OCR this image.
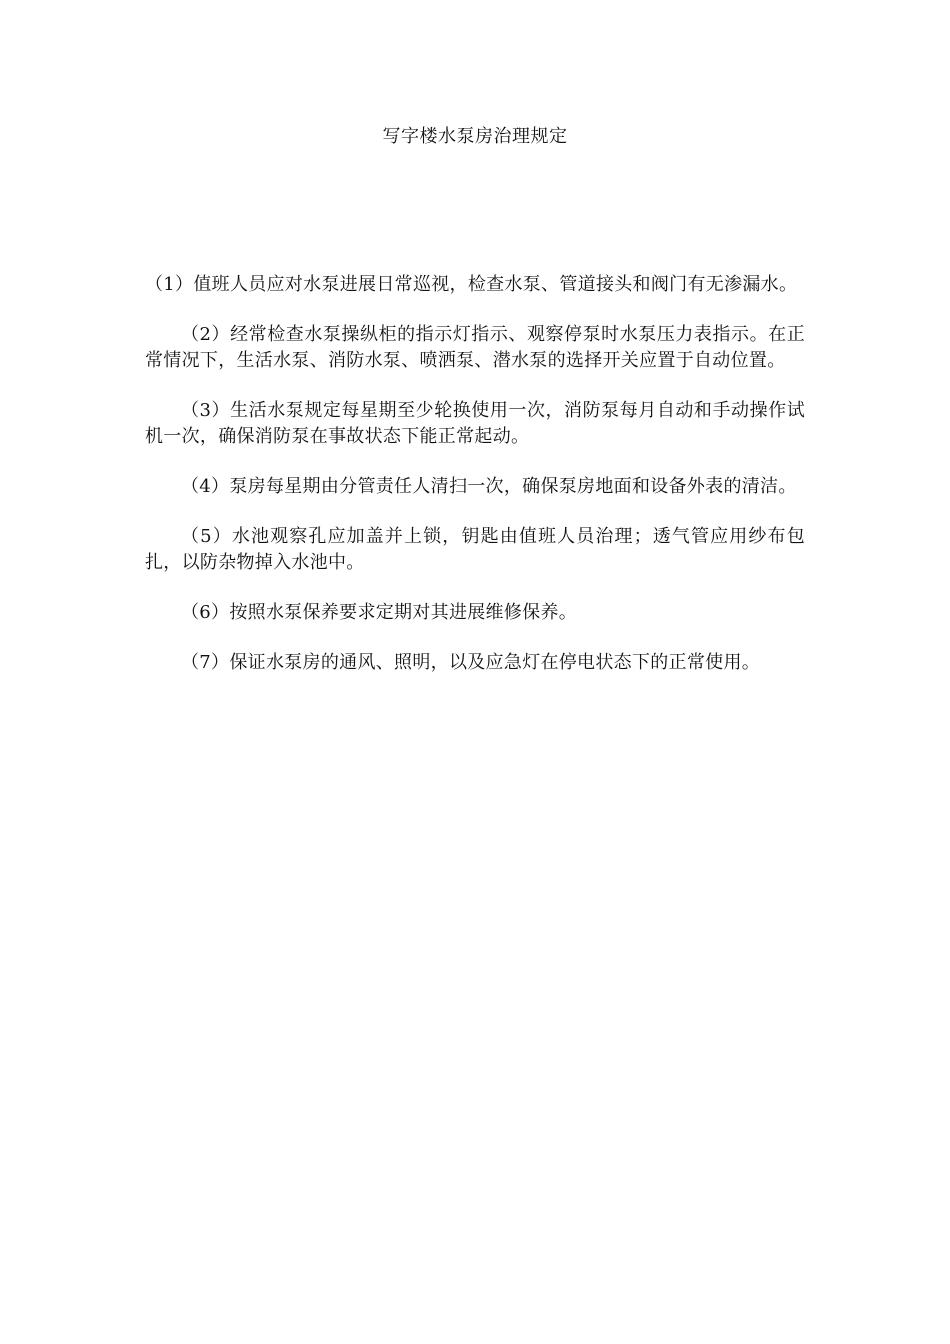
写字楼水泵房治理规定

（1）值班人员应对水泵进展日常巡视，检查水泵、管道接头和阀门有无渗漏水。

（2）经常检查水泵操纵柜的指示灯指示、观察停泵时水泵压力表指示。在正常情况下，生活水泵、消防水泵、喷洒泵、潜水泵的选择开关应置于自动位置。

（3）生活水泵规定每星期至少轮换使用一次，消防泵每月自动和手动操作试机一次，确保消防泵在事故状态下能正常起动。

（4）泵房每星期由分管责任人清扫一次，确保泵房地面和设备外表的清洁。

（5）水池观察孔应加盖并上锁，钥匙由值班人员治理；透气管应用纱布包扎，以防杂物掉入水池中。

（6）按照水泵保养要求定期对其进展维修保养。

（7）保证水泵房的通风、照明，以及应急灯在停电状态下的正常使用。
